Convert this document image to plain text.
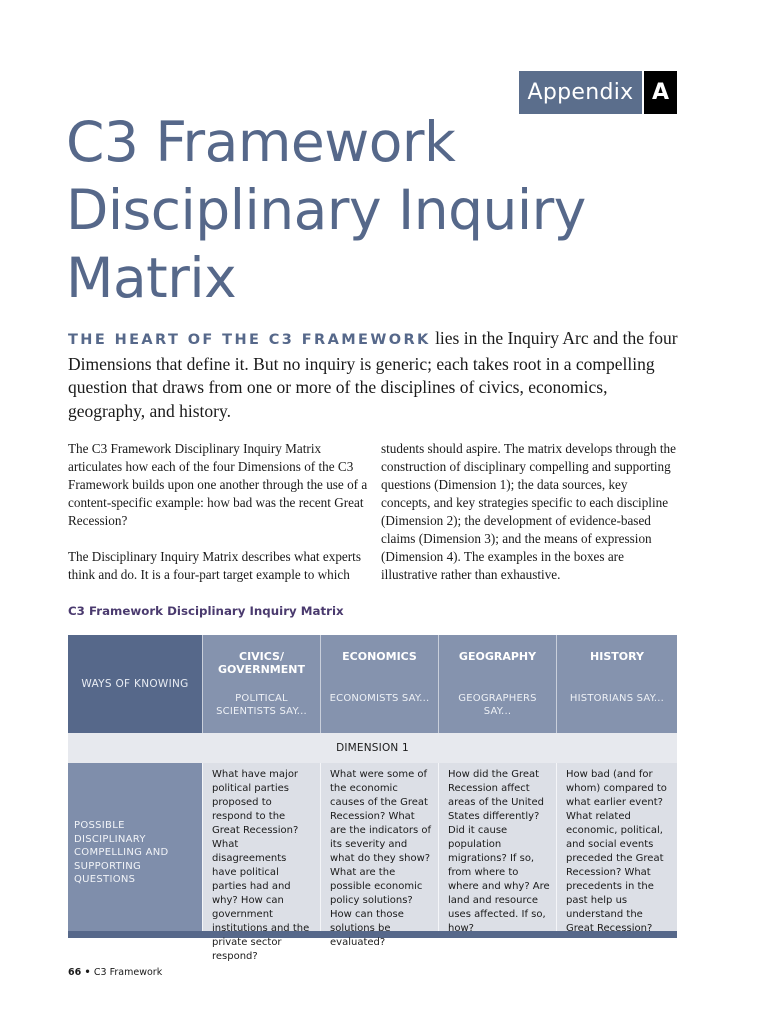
Appendix A
C3 Framework
Disciplinary Inquiry
Matrix

THE HEART OF THE C3 FRAMEWORK lies in the Inquiry Arc and the four Dimensions that define it. But no inquiry is generic; each takes root in a compelling question that draws from one or more of the disciplines of civics, economics, geography, and history.

The C3 Framework Disciplinary Inquiry Matrix articulates how each of the four Dimensions of the C3 Framework builds upon one another through the use of a content-specific example: how bad was the recent Great Recession?

The Disciplinary Inquiry Matrix describes what experts think and do. It is a four-part target example to which

students should aspire. The matrix develops through the construction of disciplinary compelling and supporting questions (Dimension 1); the data sources, key concepts, and key strategies specific to each discipline (Dimension 2); the development of evidence-based claims (Dimension 3); and the means of expression (Dimension 4). The examples in the boxes are illustrative rather than exhaustive.

C3 Framework Disciplinary Inquiry Matrix

WAYS OF KNOWING
CIVICS/ GOVERNMENT
POLITICAL SCIENTISTS SAY...
ECONOMICS
ECONOMISTS SAY...
GEOGRAPHY
GEOGRAPHERS SAY...
HISTORY
HISTORIANS SAY...
DIMENSION 1
POSSIBLE DISCIPLINARY COMPELLING AND SUPPORTING QUESTIONS
What have major political parties proposed to respond to the Great Recession? What disagreements have political parties had and why? How can government institutions and the private sector respond?
What were some of the economic causes of the Great Recession? What are the indicators of its severity and what do they show? What are the possible economic policy solutions? How can those solutions be evaluated?
How did the Great Recession affect areas of the United States differently? Did it cause population migrations? If so, from where to where and why? Are land and resource uses affected. If so, how?
How bad (and for whom) compared to what earlier event? What related economic, political, and social events preceded the Great Recession? What precedents in the past help us understand the Great Recession?

66 • C3 Framework
